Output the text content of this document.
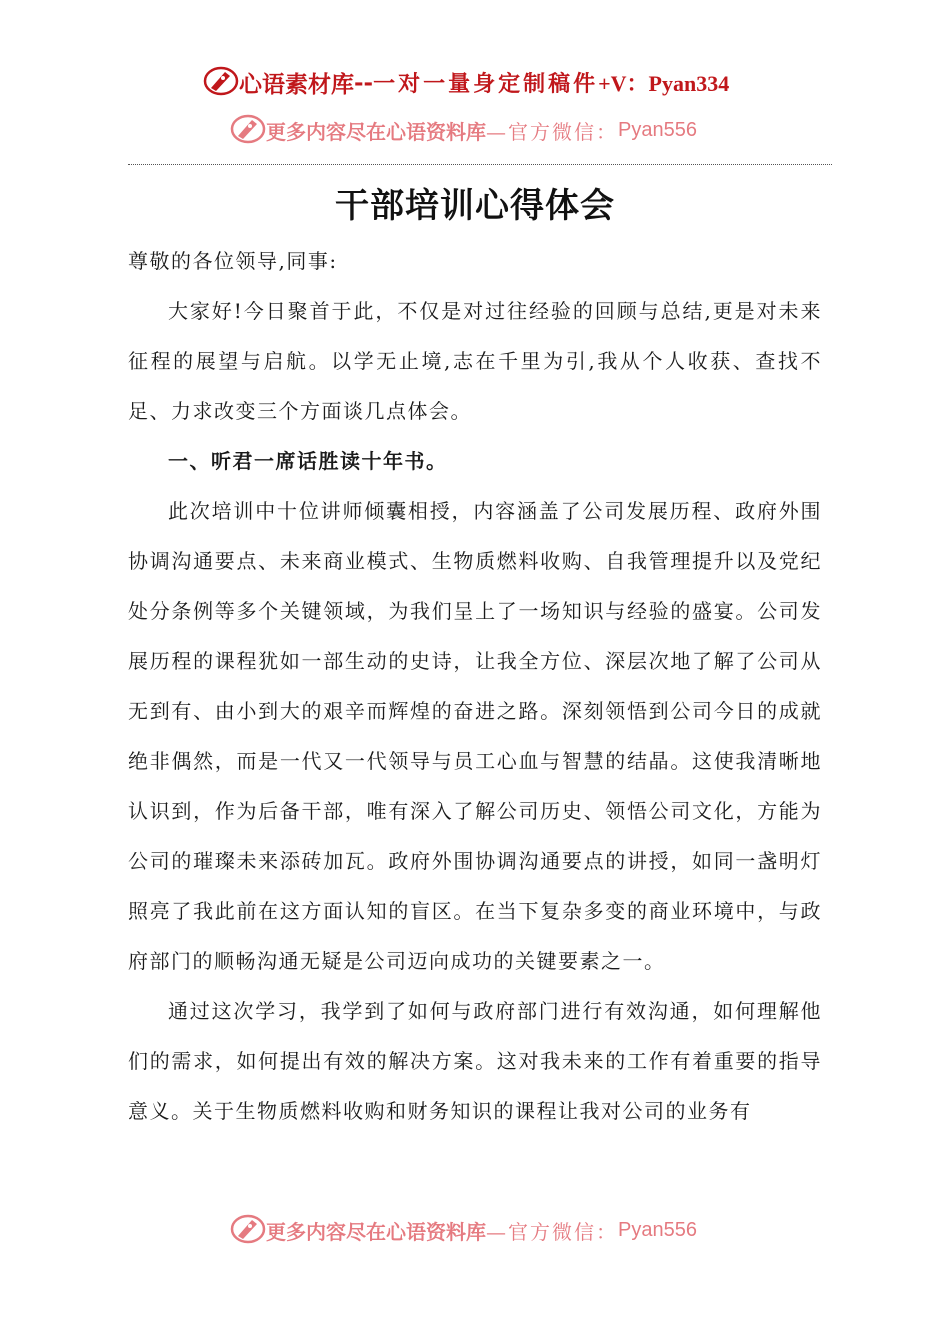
心语素材库 -- 一对一量身定制稿件 +V：Pyan334
更多内容尽在心语资料库 —官方微信： Pyan556
干部培训心得体会

尊敬的各位领导,同事:

大家好!今日聚首于此，不仅是对过往经验的回顾与总结,更是对未来征程的展望与启航。以学无止境,志在千里为引,我从个人收获、查找不足、力求改变三个方面谈几点体会。

一、听君一席话胜读十年书。

此次培训中十位讲师倾囊相授，内容涵盖了公司发展历程、政府外围协调沟通要点、未来商业模式、生物质燃料收购、自我管理提升以及党纪处分条例等多个关键领域，为我们呈上了一场知识与经验的盛宴。公司发展历程的课程犹如一部生动的史诗，让我全方位、深层次地了解了公司从无到有、由小到大的艰辛而辉煌的奋进之路。深刻领悟到公司今日的成就绝非偶然，而是一代又一代领导与员工心血与智慧的结晶。这使我清晰地认识到，作为后备干部，唯有深入了解公司历史、领悟公司文化，方能为公司的璀璨未来添砖加瓦。政府外围协调沟通要点的讲授，如同一盏明灯照亮了我此前在这方面认知的盲区。在当下复杂多变的商业环境中，与政府部门的顺畅沟通无疑是公司迈向成功的关键要素之一。

通过这次学习，我学到了如何与政府部门进行有效沟通，如何理解他们的需求，如何提出有效的解决方案。这对我未来的工作有着重要的指导意义。关于生物质燃料收购和财务知识的课程让我对公司的业务有

更多内容尽在心语资料库 —官方微信： Pyan556
